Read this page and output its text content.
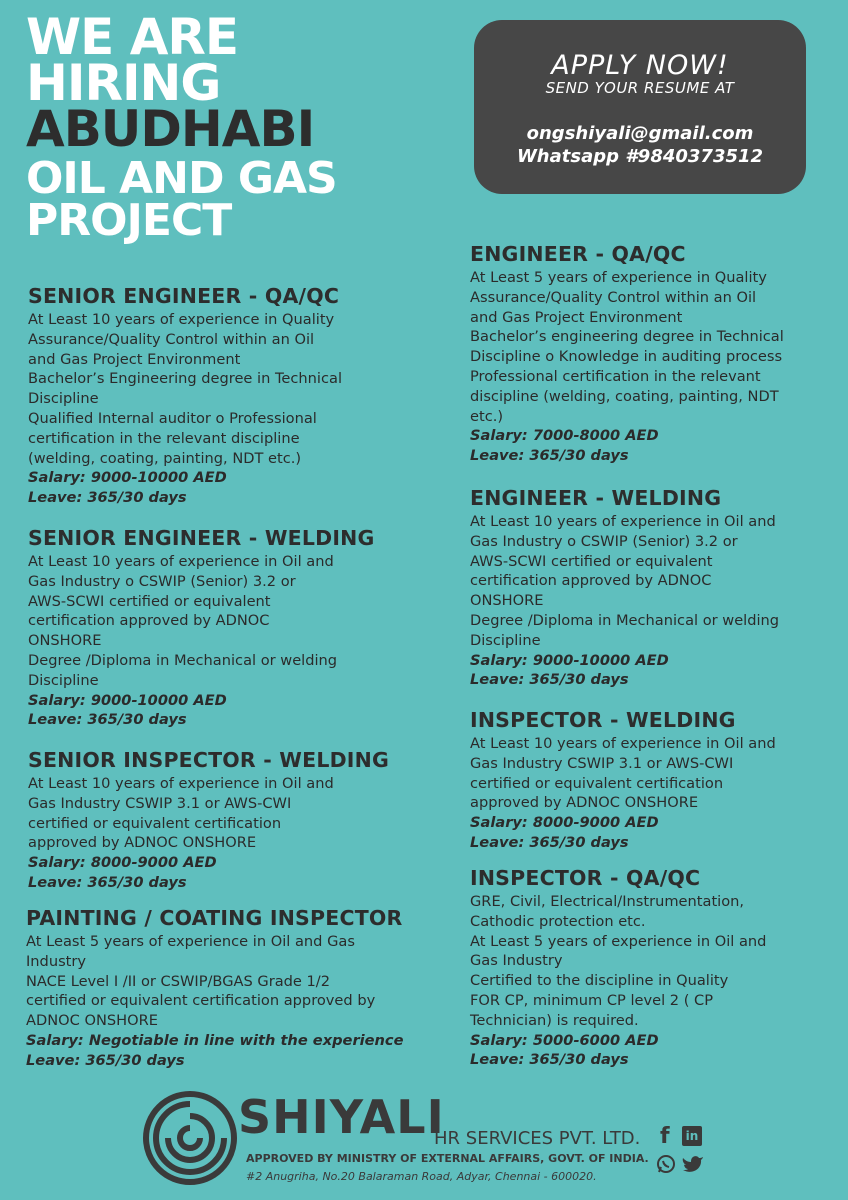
WE ARE
HIRING
ABUDHABI
OIL AND GAS
PROJECT
APPLY NOW!
SEND YOUR RESUME AT
ongshiyali@gmail.com
Whatsapp #9840373512
SENIOR ENGINEER - QA/QC
At Least 10 years of experience in Quality
Assurance/Quality Control within an Oil
and Gas Project Environment
Bachelor’s Engineering degree in Technical
Discipline
Qualified Internal auditor o Professional
certification in the relevant discipline
(welding, coating, painting, NDT etc.)
Salary: 9000-10000 AED
Leave: 365/30 days
SENIOR ENGINEER - WELDING
At Least 10 years of experience in Oil and
Gas Industry o CSWIP (Senior) 3.2 or
AWS-SCWI certified or equivalent
certification approved by ADNOC
ONSHORE
Degree /Diploma in Mechanical or welding
Discipline
Salary: 9000-10000 AED
Leave: 365/30 days
SENIOR INSPECTOR - WELDING
At Least 10 years of experience in Oil and
Gas Industry CSWIP 3.1 or AWS-CWI
certified or equivalent certification
approved by ADNOC ONSHORE
Salary: 8000-9000 AED
Leave: 365/30 days
PAINTING / COATING INSPECTOR
At Least 5 years of experience in Oil and Gas
Industry
NACE Level I /II or CSWIP/BGAS Grade 1/2
certified or equivalent certification approved by
ADNOC ONSHORE
Salary: Negotiable in line with the experience
Leave: 365/30 days
ENGINEER - QA/QC
At Least 5 years of experience in Quality
Assurance/Quality Control within an Oil
and Gas Project Environment
Bachelor’s engineering degree in Technical
Discipline o Knowledge in auditing process
Professional certification in the relevant
discipline (welding, coating, painting, NDT
etc.)
Salary: 7000-8000 AED
Leave: 365/30 days
ENGINEER - WELDING
At Least 10 years of experience in Oil and
Gas Industry o CSWIP (Senior) 3.2 or
AWS-SCWI certified or equivalent
certification approved by ADNOC
ONSHORE
Degree /Diploma in Mechanical or welding
Discipline
Salary: 9000-10000 AED
Leave: 365/30 days
INSPECTOR - WELDING
At Least 10 years of experience in Oil and
Gas Industry CSWIP 3.1 or AWS-CWI
certified or equivalent certification
approved by ADNOC ONSHORE
Salary: 8000-9000 AED
Leave: 365/30 days
INSPECTOR - QA/QC
GRE, Civil, Electrical/Instrumentation,
Cathodic protection etc.
At Least 5 years of experience in Oil and
Gas Industry
Certified to the discipline in Quality
FOR CP, minimum CP level 2 ( CP
Technician) is required.
Salary: 5000-6000 AED
Leave: 365/30 days
SHIYALI
HR SERVICES PVT. LTD.
APPROVED BY MINISTRY OF EXTERNAL AFFAIRS, GOVT. OF INDIA.
#2 Anugriha, No.20 Balaraman Road, Adyar, Chennai - 600020.
f	in
